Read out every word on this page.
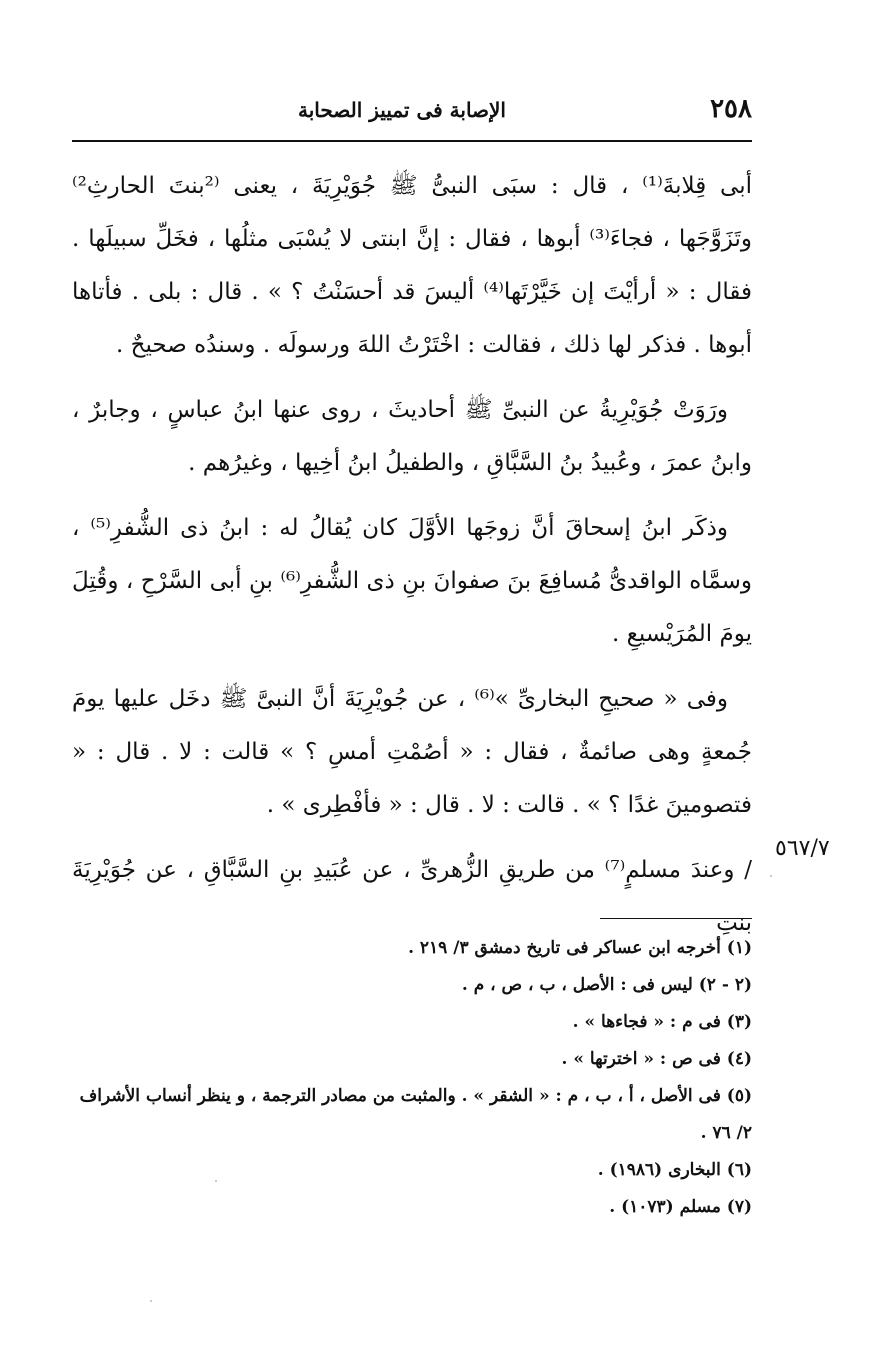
٢٥٨
الإصابة فى تمييز الصحابة

أبى قِلابةَ⁽¹⁾ ، قال : سبَى النبىُّ ﷺ جُوَيْرِيَةَ ، يعنى ⁽²بنتَ الحارثِ²⁾ وتَزَوَّجَها ، فجاءَ⁽³⁾ أبوها ، فقال : إنَّ ابنتى لا يُسْبَى مثلُها ، فخَلِّ سبيلَها . فقال : « أرأيْتَ إن خَيَّرْتَها⁽⁴⁾ أليسَ قد أحسَنْتُ ؟ » . قال : بلى . فأتاها أبوها . فذكر لها ذلك ، فقالت : اخْتَرْتُ اللهَ ورسولَه . وسندُه صحيحٌ .

ورَوَتْ جُوَيْرِيةُ عن النبىِّ ﷺ أحاديثَ ، روى عنها ابنُ عباسٍ ، وجابرٌ ، وابنُ عمرَ ، وعُبيدُ بنُ السَّبَّاقِ ، والطفيلُ ابنُ أخِيها ، وغيرُهم .

وذكَر ابنُ إسحاقَ أنَّ زوجَها الأوَّلَ كان يُقالُ له : ابنُ ذى الشُّفرِ⁽⁵⁾ ، وسمَّاه الواقدىُّ مُسافِعَ بنَ صفوانَ بنِ ذى الشُّفرِ⁽⁶⁾ بنِ أبى السَّرْحِ ، وقُتِلَ يومَ المُرَيْسيعِ .

وفى « صحيحِ البخارىِّ »⁽⁶⁾ ، عن جُويْرِيَةَ أنَّ النبىَّ ﷺ دخَل عليها يومَ جُمعةٍ وهى صائمةٌ ، فقال : « أصُمْتِ أمسِ ؟ » قالت : لا . قال : « فتصومينَ غدًا ؟ » . قالت : لا . قال : « فأفْطِرى » .

/ وعندَ مسلمٍ⁽⁷⁾ من طريقِ الزُّهرىِّ ، عن عُبَيدِ بنِ السَّبَّاقِ ، عن جُوَيْرِيَةَ بنتِ

٥٦٧/٧

(١) أخرجه ابن عساكر فى تاريخ دمشق ٣/ ٢١٩ .

(٢ - ٢) ليس فى : الأصل ، ب ، ص ، م .

(٣) فى م : « فجاءها » .

(٤) فى ص : « اخترتها » .

(٥) فى الأصل ، أ ، ب ، م : « الشقر » . والمثبت من مصادر الترجمة ، و ينظر أنساب الأشراف ٢/ ٧٦ .

(٦) البخارى (١٩٨٦) .

(٧) مسلم (١٠٧٣) .
